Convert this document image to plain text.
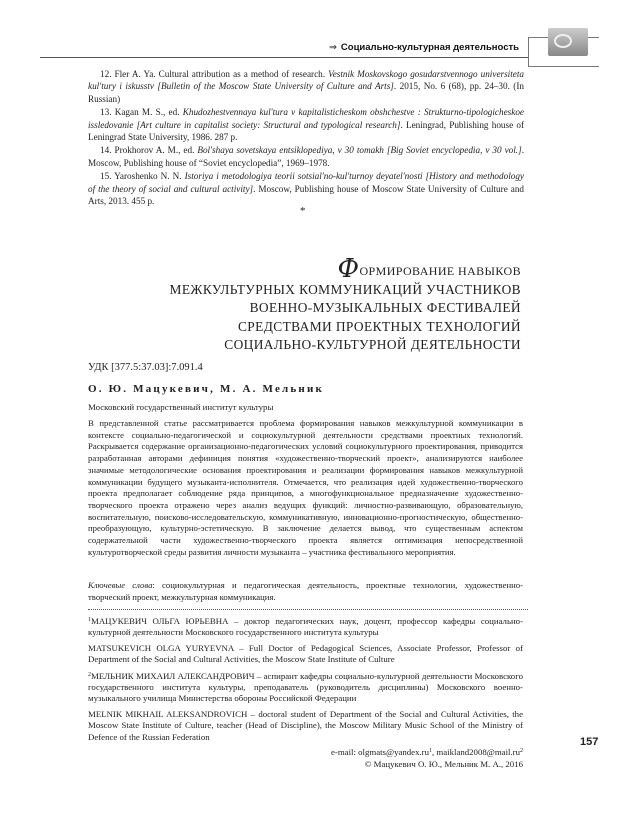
⇒ Социально-культурная деятельность

12. Fler A. Ya. Cultural attribution as a method of research. Vestnik Moskovskogo gosudarstvennogo universiteta kul'tury i iskusstv [Bulletin of the Moscow State University of Culture and Arts]. 2015, No. 6 (68), pp. 24–30. (In Russian)

13. Kagan M. S., ed. Khudozhestvennaya kul'tura v kapitalisticheskom obshchestve : Strukturno-tipologicheskoe issledovanie [Art culture in capitalist society: Structural and typological research]. Leningrad, Publishing house of Leningrad State University, 1986. 287 p.

14. Prokhorov A. M., ed. Bol'shaya sovetskaya entsiklopediya, v 30 tomakh [Big Soviet encyclopedia, v 30 vol.]. Moscow, Publishing house of “Soviet encyclopedia”, 1969–1978.

15. Yaroshenko N. N. Istoriya i metodologiya teorii sotsial'no-kul'turnoy deyatel'nosti [History and methodology of the theory of social and cultural activity]. Moscow, Publishing house of Moscow State University of Culture and Arts, 2013. 455 p.

*
ФОРМИРОВАНИЕ НАВЫКОВ
МЕЖКУЛЬТУРНЫХ КОММУНИКАЦИЙ УЧАСТНИКОВ
ВОЕННО-МУЗЫКАЛЬНЫХ ФЕСТИВАЛЕЙ
СРЕДСТВАМИ ПРОЕКТНЫХ ТЕХНОЛОГИЙ
СОЦИАЛЬНО-КУЛЬТУРНОЙ ДЕЯТЕЛЬНОСТИ
УДК [377.5:37.03]:7.091.4
О. Ю. Мацукевич, М. А. Мельник
Московский государственный институт культуры

В представленной статье рассматривается проблема формирования навыков межкультурной коммуникации в контексте социально-педагогической и социокультурной деятельности средствами проектных технологий. Раскрывается содержание организационно-педагогических условий социокультурного проектирования, приводится разработанная авторами дефиниция понятия «художественно-творческий проект», анализируются наиболее значимые методологические основания проектирования и реализации формирования навыков межкультурной коммуникации будущего музыканта-исполнителя. Отмечается, что реализация идей художественно-творческого проекта предполагает соблюдение ряда принципов, а многофункциональное предназначение художественно-творческого проекта отражено через анализ ведущих функций: личностно-развивающую, образовательную, воспитательную, поисково-исследовательскую, коммуникативную, инновационно-прогностическую, общественно-преобразующую, культурно-эстетическую. В заключение делается вывод, что существенным аспектом содержательной части художественно-творческого проекта является оптимизация непосредственной культуротворческой среды развития личности музыканта – участника фестивального мероприятия.

Ключевые слова: социокультурная и педагогическая деятельность, проектные технологии, художественно-творческий проект, межкультурная коммуникация.

$^1$МАЦУКЕВИЧ ОЛЬГА ЮРЬЕВНА – доктор педагогических наук, доцент, профессор кафедры социально-культурной деятельности Московского государственного института культуры

MATSUKEVICH OLGA YURYEVNA – Full Doctor of Pedagogical Sciences, Associate Professor, Professor of Department of the Social and Cultural Activities, the Moscow State Institute of Culture

$^2$МЕЛЬНИК МИХАИЛ АЛЕКСАНДРОВИЧ – аспирант кафедры социально-культурной деятельности Московского государственного института культуры, преподаватель (руководитель дисциплины) Московского военно-музыкального училища Министерства обороны Российской Федерации

MELNIK MIKHAIL ALEKSANDROVICH – doctoral student of Department of the Social and Cultural Activities, the Moscow State Institute of Culture, teacher (Head of Discipline), the Moscow Military Music School of the Ministry of Defence of the Russian Federation	157
e-mail: $olgmats@yandex.ru^1$, $maikland2008@mail.ru^2$
© Мацукевич О. Ю., Мельник М. А., 2016
